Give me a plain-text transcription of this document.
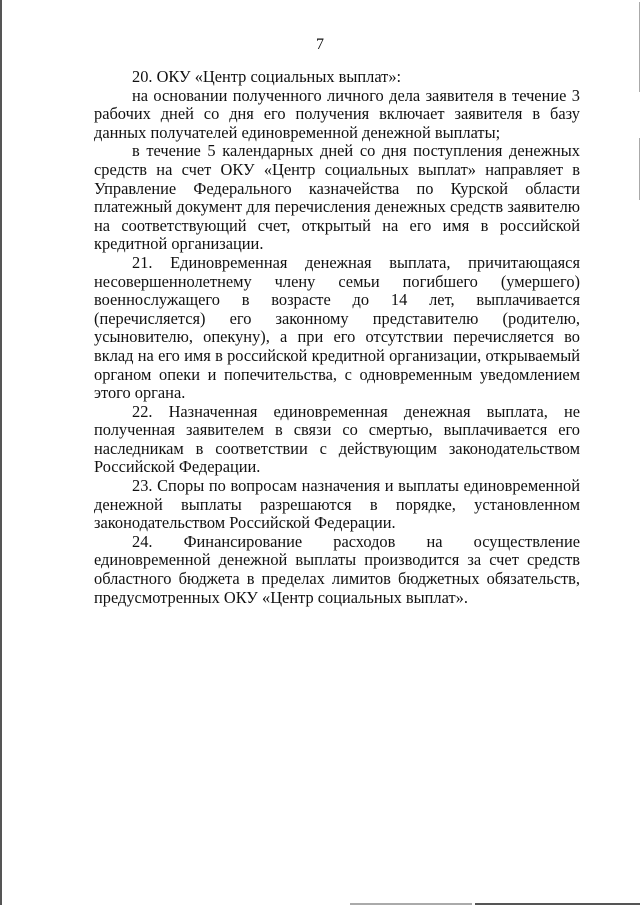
7

20. ОКУ «Центр социальных выплат»:

на основании полученного личного дела заявителя в течение 3 рабочих дней со дня его получения включает заявителя в базу данных получателей единовременной денежной выплаты;

в течение 5 календарных дней со дня поступления денежных средств на счет ОКУ «Центр социальных выплат» направляет в Управление Федерального казначейства по Курской области платежный документ для перечисления денежных средств заявителю на соответствующий счет, открытый на его имя в российской кредитной организации.

21. Единовременная денежная выплата, причитающаяся несовершеннолетнему члену семьи погибшего (умершего) военнослужащего в возрасте до 14 лет, выплачивается (перечисляется) его законному представителю (родителю, усыновителю, опекуну), а при его отсутствии перечисляется во вклад на его имя в российской кредитной организации, открываемый органом опеки и попечительства, с одновременным уведомлением этого органа.

22. Назначенная единовременная денежная выплата, не полученная заявителем в связи со смертью, выплачивается его наследникам в соответствии с действующим законодательством Российской Федерации.

23. Споры по вопросам назначения и выплаты единовременной денежной выплаты разрешаются в порядке, установленном законодательством Российской Федерации.

24. Финансирование расходов на осуществление единовременной денежной выплаты производится за счет средств областного бюджета в пределах лимитов бюджетных обязательств, предусмотренных ОКУ «Центр социальных выплат».
